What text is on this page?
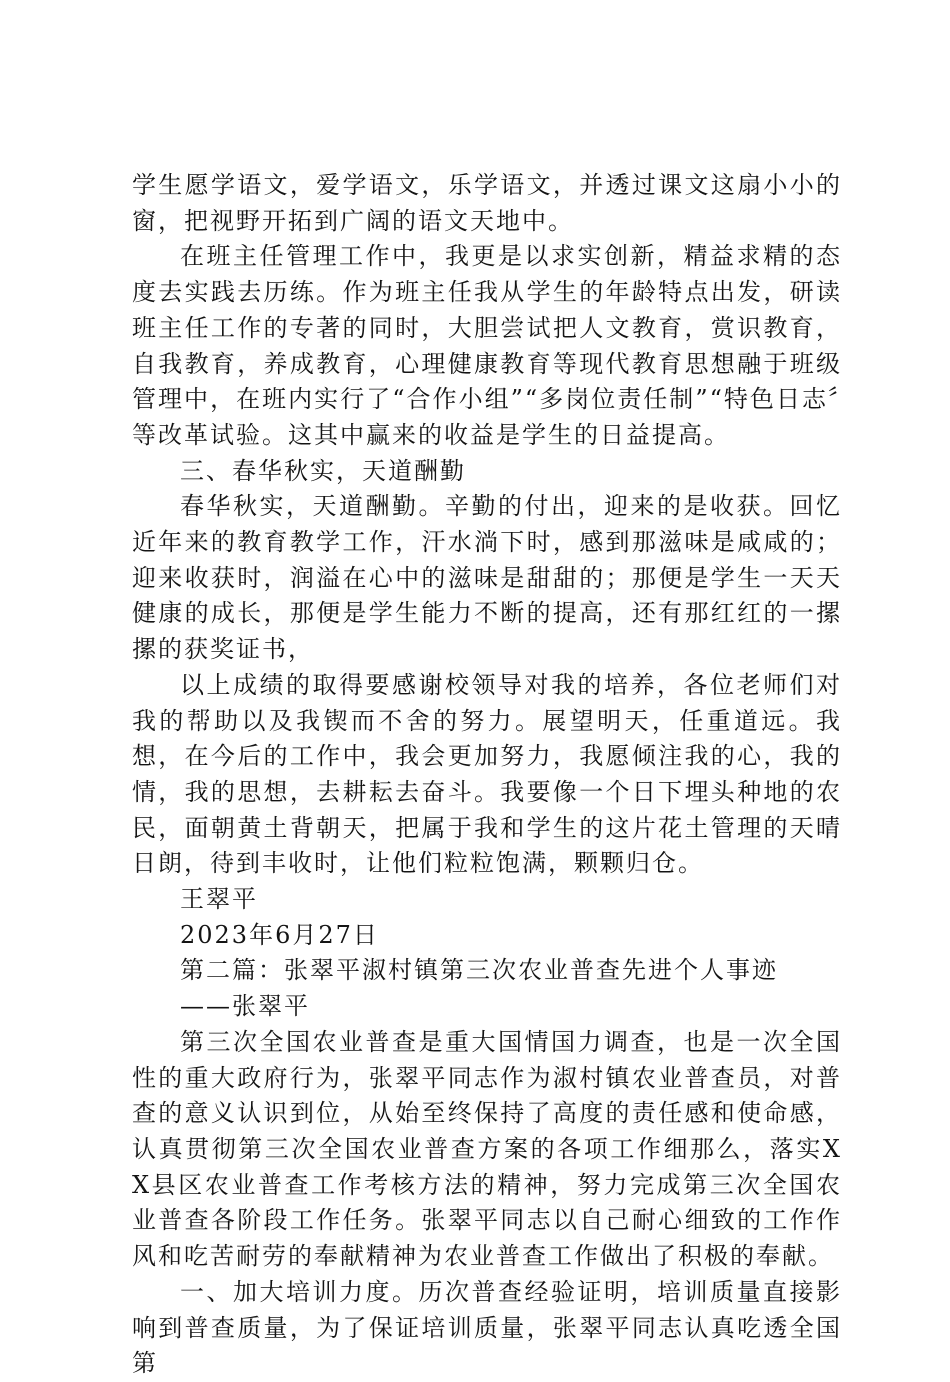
学生愿学语文，爱学语文，乐学语文，并透过课文这扇小小的窗，把视野开拓到广阔的语文天地中。

在班主任管理工作中，我更是以求实创新，精益求精的态度去实践去历练。作为班主任我从学生的年龄特点出发，研读班主任工作的专著的同时，大胆尝试把人文教育，赏识教育，自我教育，养成教育，心理健康教育等现代教育思想融于班级管理中，在班内实行了“合作小组”“多岗位责任制”“特色日志〞等改革试验。这其中赢来的收益是学生的日益提高。

三、春华秋实，天道酬勤

春华秋实，天道酬勤。辛勤的付出，迎来的是收获。回忆近年来的教育教学工作，汗水淌下时，感到那滋味是咸咸的；迎来收获时，润溢在心中的滋味是甜甜的；那便是学生一天天健康的成长，那便是学生能力不断的提高，还有那红红的一摞摞的获奖证书，

以上成绩的取得要感谢校领导对我的培养，各位老师们对我的帮助以及我锲而不舍的努力。展望明天，任重道远。我想，在今后的工作中，我会更加努力，我愿倾注我的心，我的情，我的思想，去耕耘去奋斗。我要像一个日下埋头种地的农民，面朝黄土背朝天，把属于我和学生的这片花土管理的天晴日朗，待到丰收时，让他们粒粒饱满，颗颗归仓。

王翠平

2023年6月27日

第二篇：张翠平淑村镇第三次农业普查先进个人事迹

——张翠平

第三次全国农业普查是重大国情国力调查，也是一次全国性的重大政府行为，张翠平同志作为淑村镇农业普查员，对普查的意义认识到位，从始至终保持了高度的责任感和使命感，认真贯彻第三次全国农业普查方案的各项工作细那么，落实XX县区农业普查工作考核方法的精神，努力完成第三次全国农业普查各阶段工作任务。张翠平同志以自己耐心细致的工作作风和吃苦耐劳的奉献精神为农业普查工作做出了积极的奉献。

一、加大培训力度。历次普查经验证明，培训质量直接影响到普查质量，为了保证培训质量，张翠平同志认真吃透全国第
